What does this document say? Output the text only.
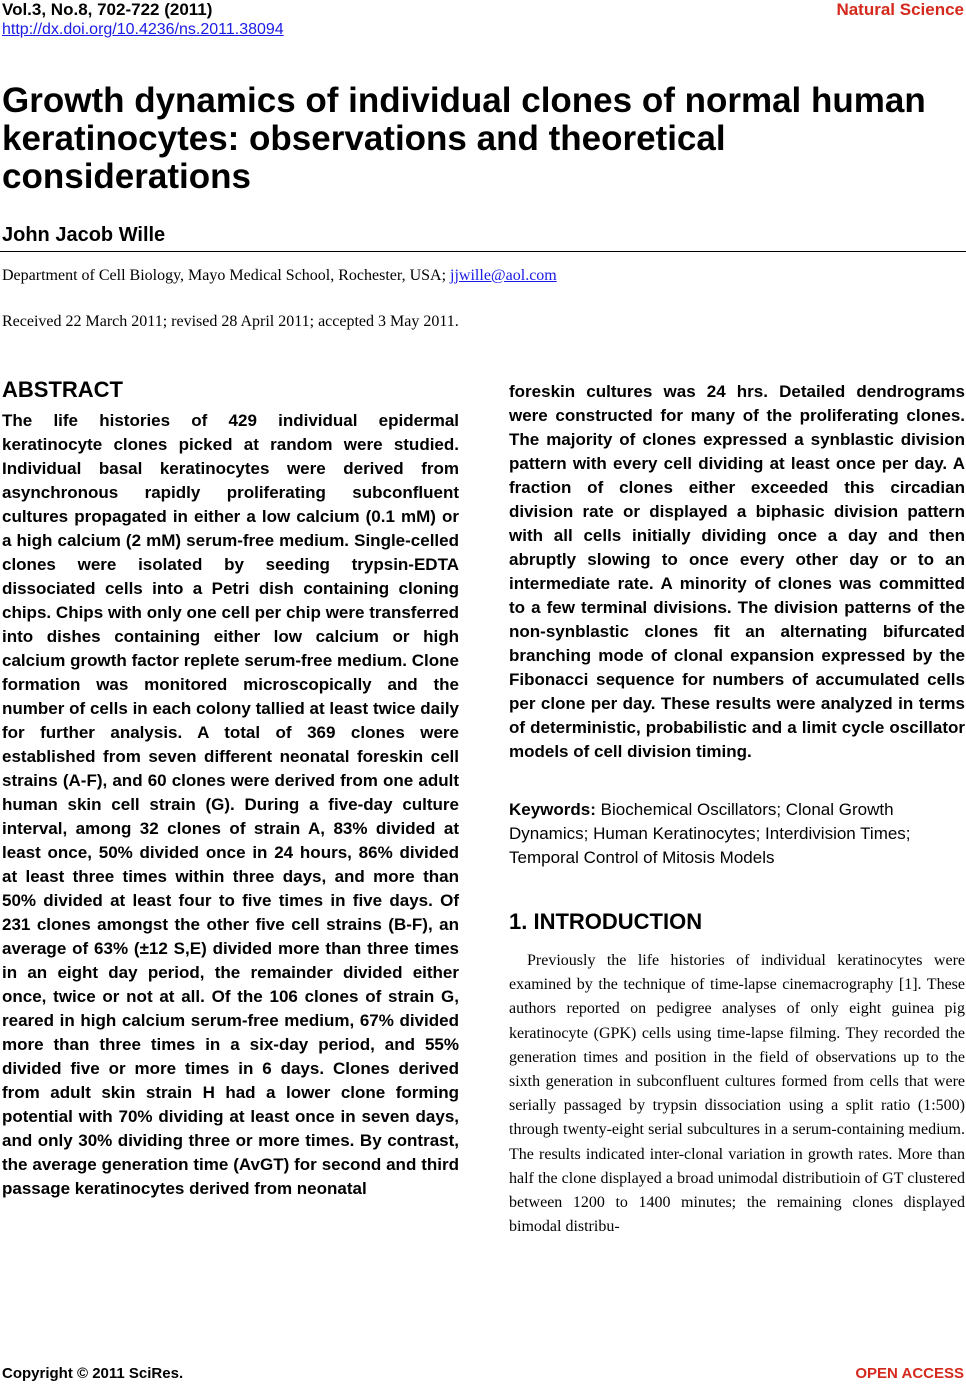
Vol.3, No.8, 702-722 (2011)
http://dx.doi.org/10.4236/ns.2011.38094
Natural Science
Growth dynamics of individual clones of normal human keratinocytes: observations and theoretical considerations
John Jacob Wille
Department of Cell Biology, Mayo Medical School, Rochester, USA; jjwille@aol.com
Received 22 March 2011; revised 28 April 2011; accepted 3 May 2011.
ABSTRACT

The life histories of 429 individual epidermal keratinocyte clones picked at random were studied. Individual basal keratinocytes were derived from asynchronous rapidly proliferating subconfluent cultures propagated in either a low calcium (0.1 mM) or a high calcium (2 mM) serum-free medium. Single-celled clones were isolated by seeding trypsin-EDTA dissociated cells into a Petri dish containing cloning chips. Chips with only one cell per chip were transferred into dishes containing either low calcium or high calcium growth factor replete serum-free medium. Clone formation was monitored microscopically and the number of cells in each colony tallied at least twice daily for further analysis. A total of 369 clones were established from seven different neonatal foreskin cell strains (A-F), and 60 clones were derived from one adult human skin cell strain (G). During a five-day culture interval, among 32 clones of strain A, 83% divided at least once, 50% divided once in 24 hours, 86% divided at least three times within three days, and more than 50% divided at least four to five times in five days. Of 231 clones amongst the other five cell strains (B-F), an average of 63% (±12 S,E) divided more than three times in an eight day period, the remainder divided either once, twice or not at all. Of the 106 clones of strain G, reared in high calcium serum-free medium, 67% divided more than three times in a six-day period, and 55% divided five or more times in 6 days. Clones derived from adult skin strain H had a lower clone forming potential with 70% dividing at least once in seven days, and only 30% dividing three or more times. By contrast, the average generation time (AvGT) for second and third passage keratinocytes derived from neonatal

foreskin cultures was 24 hrs. Detailed dendrograms were constructed for many of the proliferating clones. The majority of clones expressed a synblastic division pattern with every cell dividing at least once per day. A fraction of clones either exceeded this circadian division rate or displayed a biphasic division pattern with all cells initially dividing once a day and then abruptly slowing to once every other day or to an intermediate rate. A minority of clones was committed to a few terminal divisions. The division patterns of the non-synblastic clones fit an alternating bifurcated branching mode of clonal expansion expressed by the Fibonacci sequence for numbers of accumulated cells per clone per day. These results were analyzed in terms of deterministic, probabilistic and a limit cycle oscillator models of cell division timing.

Keywords: Biochemical Oscillators; Clonal Growth Dynamics; Human Keratinocytes; Interdivision Times; Temporal Control of Mitosis Models

1. INTRODUCTION

Previously the life histories of individual keratinocytes were examined by the technique of time-lapse cinemacrography [1]. These authors reported on pedigree analyses of only eight guinea pig keratinocyte (GPK) cells using time-lapse filming. They recorded the generation times and position in the field of observations up to the sixth generation in subconfluent cultures formed from cells that were serially passaged by trypsin dissociation using a split ratio (1:500) through twenty-eight serial subcultures in a serum-containing medium. The results indicated inter-clonal variation in growth rates. More than half the clone displayed a broad unimodal distributioin of GT clustered between 1200 to 1400 minutes; the remaining clones displayed bimodal distribu-

Copyright © 2011 SciRes.	OPEN ACCESS
